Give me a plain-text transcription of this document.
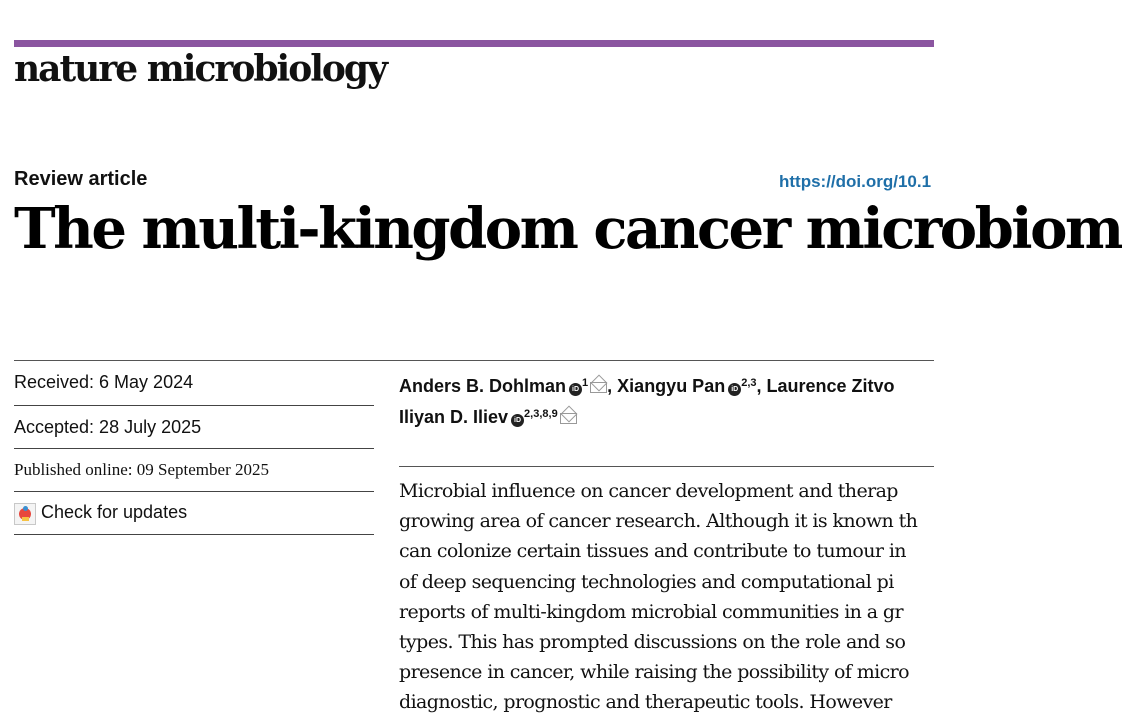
nature microbiology
Review article	https://doi.org/10.1
The multi-kingdom cancer microbiom
Received: 6 May 2024
Accepted: 28 July 2025
Published online: 09 September 2025
Check for updates
Anders B. Dohlman $iD^1$ , Xiangyu Pan iD$^{2,3}$, Laurence Zitvo
Iliyan D. Iliev iD$^{2,3,8,9}$
Microbial influence on cancer development and therap
growing area of cancer research. Although it is known th
can colonize certain tissues and contribute to tumour in
of deep sequencing technologies and computational pi
reports of multi-kingdom microbial communities in a gr
types. This has prompted discussions on the role and so
presence in cancer, while raising the possibility of micro
diagnostic, prognostic and therapeutic tools. However
